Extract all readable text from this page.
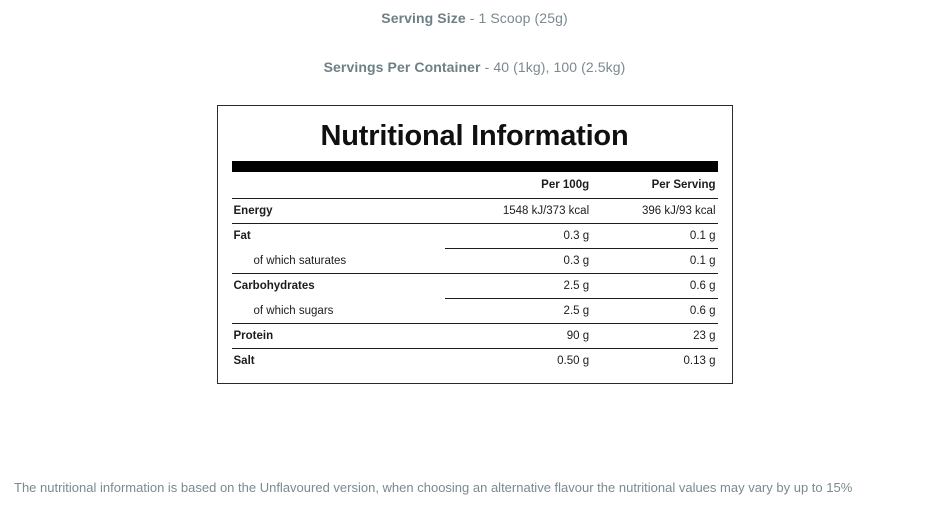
Serving Size - 1 Scoop (25g)
Servings Per Container - 40 (1kg), 100 (2.5kg)
Nutritional Information
	Per 100g	Per Serving
Energy	1548 kJ/373 kcal	396 kJ/93 kcal
Fat	0.3 g	0.1 g
of which saturates	0.3 g	0.1 g
Carbohydrates	2.5 g	0.6 g
of which sugars	2.5 g	0.6 g
Protein	90 g	23 g
Salt	0.50 g	0.13 g
The nutritional information is based on the Unflavoured version, when choosing an alternative flavour the nutritional values may vary by up to 15%
